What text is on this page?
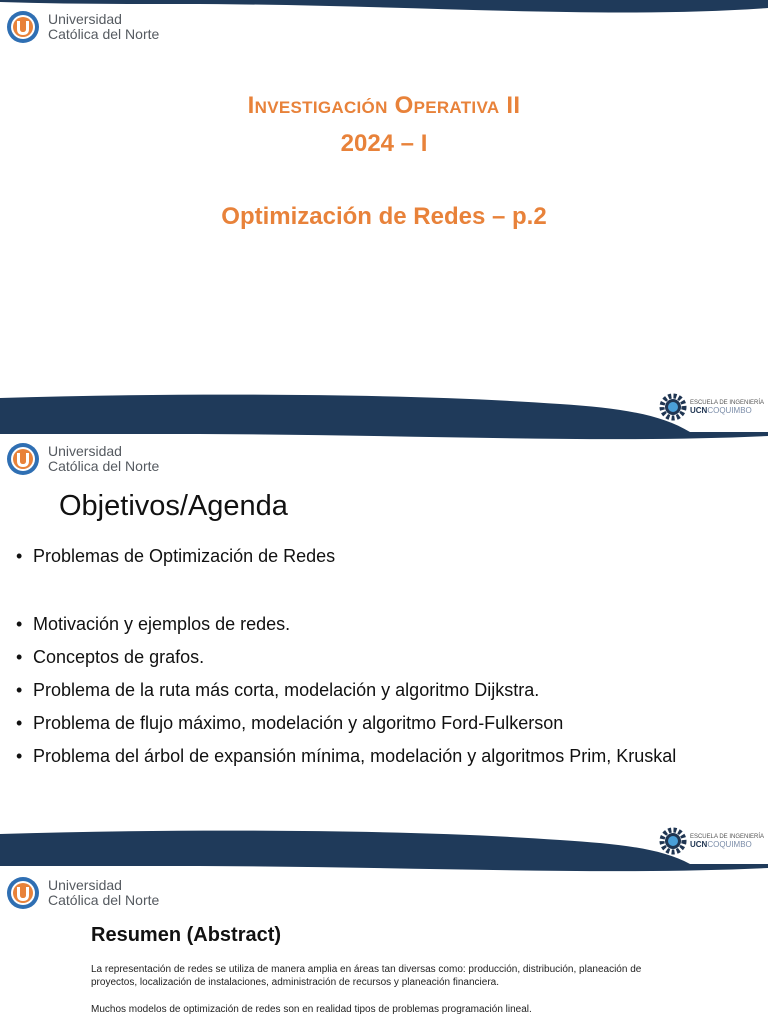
Universidad
Católica del Norte
Investigación Operativa II
2024 – I
Optimización de Redes – p.2
ESCUELA DE INGENIERÍA
UCNCOQUIMBO
Universidad
Católica del Norte
Objetivos/Agenda
• Problemas de Optimización de Redes
• Motivación y ejemplos de redes.
• Conceptos de grafos.
• Problema de la ruta más corta, modelación y algoritmo Dijkstra.
• Problema de flujo máximo, modelación y algoritmo Ford-Fulkerson
• Problema del árbol de expansión mínima, modelación y algoritmos Prim, Kruskal
ESCUELA DE INGENIERÍA
UCNCOQUIMBO
Universidad
Católica del Norte
Resumen (Abstract)

La representación de redes se utiliza de manera amplia en áreas tan diversas como: producción, distribución, planeación de
proyectos, localización de instalaciones, administración de recursos y planeación financiera.

Muchos modelos de optimización de redes son en realidad tipos de problemas programación lineal.
